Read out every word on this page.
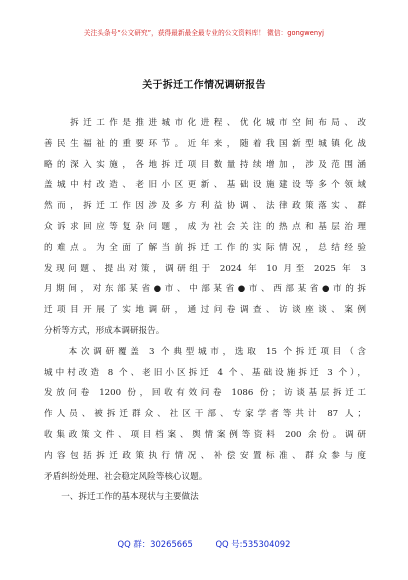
关注头条号“公文研究”，获得最新最全最专业的公文资料库！ 微信：gongwenyj
关于拆迁工作情况调研报告
　　拆迁工作是推进城市化进程、优化城市空间布局、改
善民生福祉的重要环节。近年来，随着我国新型城镇化战
略的深入实施，各地拆迁项目数量持续增加，涉及范围涵
盖城中村改造、老旧小区更新、基础设施建设等多个领域
然而，拆迁工作因涉及多方利益协调、法律政策落实、群
众诉求回应等复杂问题，成为社会关注的热点和基层治理
的难点。为全面了解当前拆迁工作的实际情况，总结经验
发现问题、提出对策，调研组于 2024 年 10 月至 2025 年 3
月期间，对东部某省●市、中部某省●市、西部某省●市的拆
迁项目开展了实地调研，通过问卷调查、访谈座谈、案例
分析等方式，形成本调研报告。
　　本次调研覆盖 3 个典型城市，选取 15 个拆迁项目（含
城中村改造 8 个、老旧小区拆迁 4 个、基础设施拆迁 3 个），
发放问卷 1200 份，回收有效问卷 1086 份；访谈基层拆迁工
作人员、被拆迁群众、社区干部、专家学者等共计 87 人；
收集政策文件、项目档案、舆情案例等资料 200 余份。调研
内容包括拆迁政策执行情况、补偿安置标准、群众参与度
矛盾纠纷处理、社会稳定风险等核心议题。
　　一、拆迁工作的基本现状与主要做法
QQ 群：30265665	QQ 号:535304092
